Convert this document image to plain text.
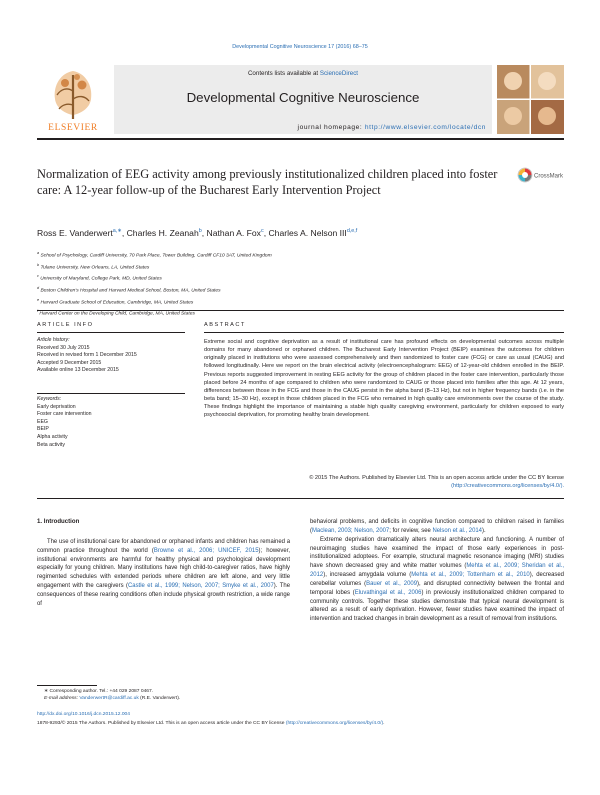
Developmental Cognitive Neuroscience 17 (2016) 68–75
ELSEVIER
Contents lists available at ScienceDirect
Developmental Cognitive Neuroscience
journal homepage: http://www.elsevier.com/locate/dcn
Normalization of EEG activity among previously institutionalized children placed into foster care: A 12-year follow-up of the Bucharest Early Intervention Project
CrossMark
Ross E. Vanderwert$^{a,∗}$, Charles H. Zeanah$^b$, Nathan A. Fox$^c$, Charles A. Nelson III$^{d,e,f}$
$^a$ School of Psychology, Cardiff University, 70 Park Place, Tower Building, Cardiff CF10 3AT, United Kingdom
$^b$ Tulane University, New Orleans, LA, United States
$^c$ University of Maryland, College Park, MD, United States
$^d$ Boston Children's Hospital and Harvard Medical School, Boston, MA, United States
$^e$ Harvard Graduate School of Education, Cambridge, MA, United States
$^f$ Harvard Center on the Developing Child, Cambridge, MA, United States
ARTICLE INFO	ABSTRACT
Article history:
Received 30 July 2015
Received in revised form 1 December 2015
Accepted 9 December 2015
Available online 13 December 2015
Keywords:
Early deprivation
Foster care intervention
EEG
BEIP
Alpha activity
Beta activity
Extreme social and cognitive deprivation as a result of institutional care has profound effects on developmental outcomes across multiple domains for many abandoned or orphaned children. The Bucharest Early Intervention Project (BEIP) examines the outcomes for children originally placed in institutions who were assessed comprehensively and then randomized to foster care (FCG) or care as usual (CAUG) and followed longitudinally. Here we report on the brain electrical activity (electroencephalogram: EEG) of 12-year-old children enrolled in the BEIP. Previous reports suggested improvement in resting EEG activity for the group of children placed in the foster care intervention, particularly those placed before 24 months of age compared to children who were randomized to CAUG or those placed into families after this age. At 12 years, differences between those in the FCG and those in the CAUG persist in the alpha band (8–13 Hz), but not in higher frequency bands (i.e. in the beta band; 15–30 Hz), except in those children placed in the FCG who remained in high quality care environments over the course of the study. These findings highlight the importance of maintaining a stable high quality caregiving environment, particularly for children exposed to early psychosocial deprivation, for promoting healthy brain development.
© 2015 The Authors. Published by Elsevier Ltd. This is an open access article under the CC BY license (http://creativecommons.org/licenses/by/4.0/).
1. Introduction
The use of institutional care for abandoned or orphaned infants and children has remained a common practice throughout the world (Browne et al., 2006; UNICEF, 2015); however, institutional environments are harmful for healthy physical and psychological development especially for young children. Many institutions have high child-to-caregiver ratios, have highly regimented schedules with extended periods where children are left alone, and very little engagement with the caregivers (Castle et al., 1999; Nelson, 2007; Smyke et al., 2007). The consequences of these rearing conditions often include physical growth restriction, a wide range of
behavioral problems, and deficits in cognitive function compared to children raised in families (Maclean, 2003; Nelson, 2007; for review, see Nelson et al., 2014).
Extreme deprivation dramatically alters neural architecture and functioning. A number of neuroimaging studies have examined the impact of those early experiences in post-institutionalized adoptees. For example, structural magnetic resonance imaging (MRI) studies have shown decreased grey and white matter volumes (Mehta et al., 2009; Sheridan et al., 2012), increased amygdala volume (Mehta et al., 2009; Tottenham et al., 2010), decreased cerebellar volumes (Bauer et al., 2009), and disrupted connectivity between the frontal and temporal lobes (Eluvathingal et al., 2006) in previously institutionalized children compared to community controls. Together these studies demonstrate that typical neural development is altered as a result of early deprivation. However, fewer studies have examined the impact of intervention and tracked changes in brain development as a result of removal from institutions.
∗ Corresponding author. Tel.: +44 029 2087 0467.
E-mail address: VanderwertR@cardiff.ac.uk (R.E. Vanderwert).
http://dx.doi.org/10.1016/j.dcn.2015.12.004
1878-9293/© 2015 The Authors. Published by Elsevier Ltd. This is an open access article under the CC BY license (http://creativecommons.org/licenses/by/4.0/).
